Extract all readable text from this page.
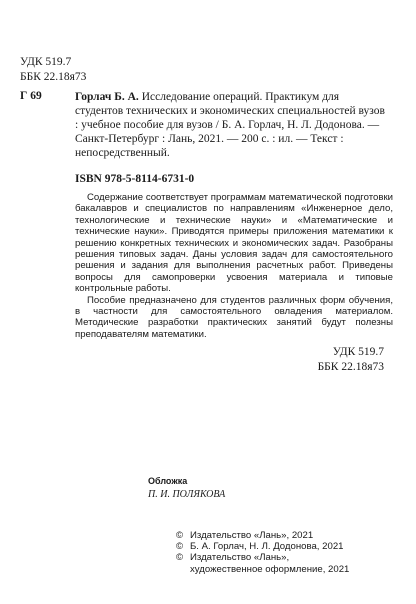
УДК 519.7
ББК 22.18я73
Г 69	Горлач Б. А. Исследование операций. Практикум для студентов технических и экономических специальностей вузов : учебное пособие для вузов / Б. А. Горлач, Н. Л. Додонова. — Санкт-Петербург : Лань, 2021. — 200 с. : ил. — Текст : непосредственный.
ISBN 978-5-8114-6731-0

Содержание соответствует программам математической подготовки бакалавров и специалистов по направлениям «Инженерное дело, технологические и технические науки» и «Математические и технические науки». Приводятся примеры приложения математики к решению конкретных технических и экономических задач. Разобраны решения типовых задач. Даны условия задач для самостоятельного решения и задания для выполнения расчетных работ. Приведены вопросы для самопроверки усвоения материала и типовые контрольные работы.

Пособие предназначено для студентов различных форм обучения, в частности для самостоятельного овладения материалом. Методические разработки практических занятий будут полезны преподавателям математики.

УДК 519.7
ББК 22.18я73
Обложка
П. И. ПОЛЯКОВА
© Издательство «Лань», 2021
© Б. А. Горлач, Н. Л. Додонова, 2021
© Издательство «Лань»,
художественное оформление, 2021
